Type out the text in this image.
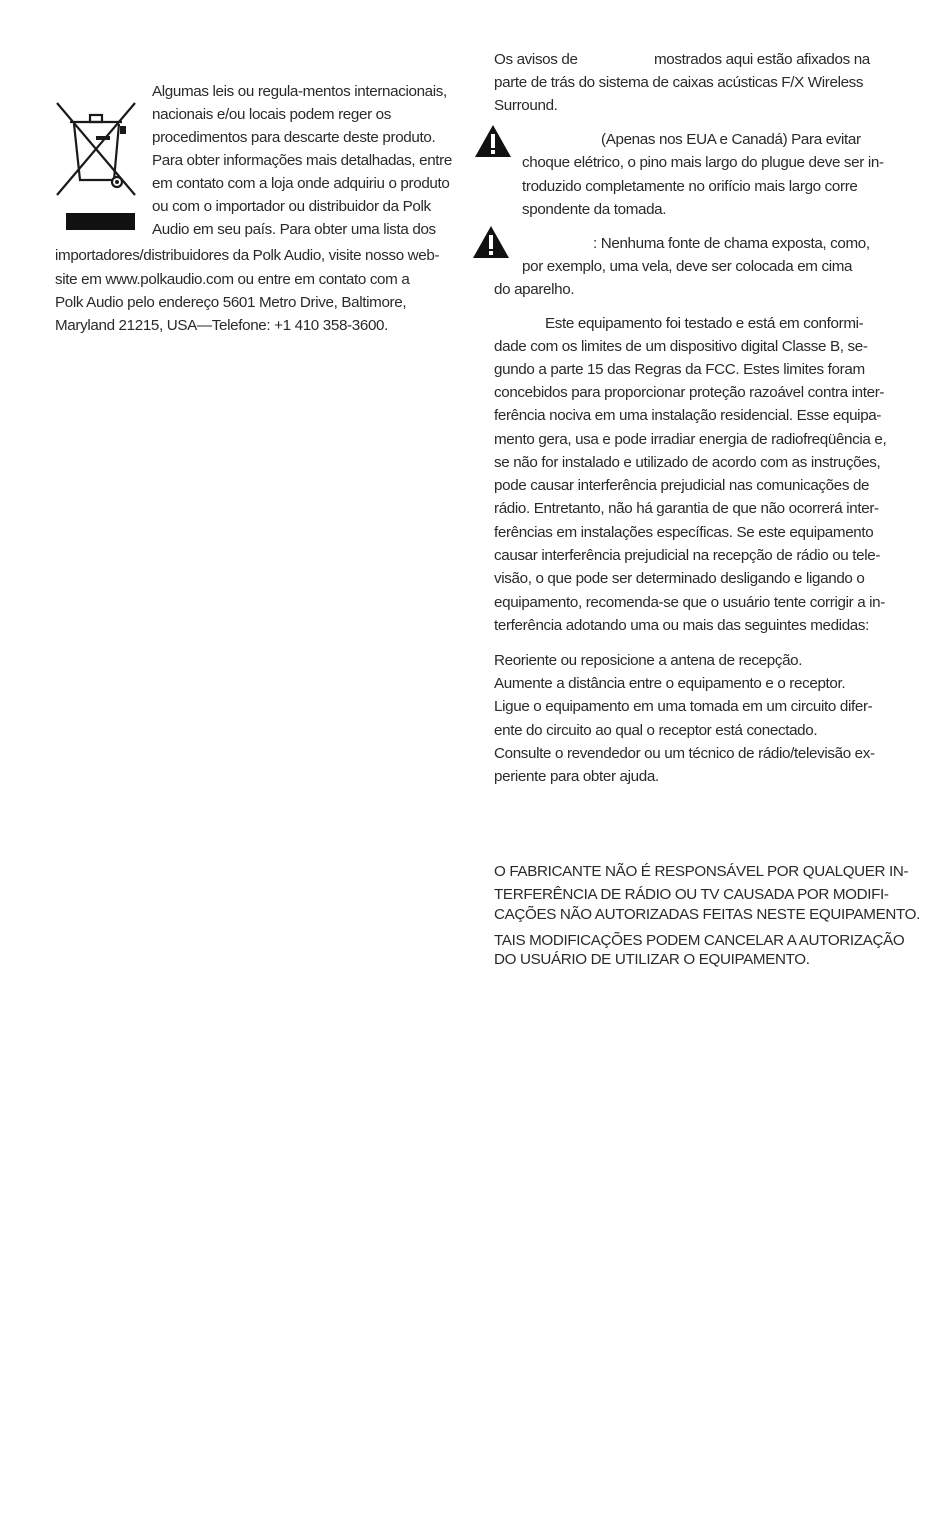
Algumas leis ou regula-mentos internacionais,
nacionais e/ou locais podem reger os
procedimentos para descarte deste produto.
Para obter informações mais detalhadas, entre
em contato com a loja onde adquiriu o produto
ou com o importador ou distribuidor da Polk
Audio em seu país. Para obter uma lista dos
importadores/distribuidores da Polk Audio, visite nosso web-
site em www.polkaudio.com ou entre em contato com a
Polk Audio pelo endereço 5601 Metro Drive, Baltimore,
Maryland 21215, USA—Telefone: +1 410 358-3600.
Os avisos de	mostrados aqui estão afixados na
parte de trás do sistema de caixas acústicas F/X Wireless
Surround.
(Apenas nos EUA e Canadá) Para evitar
choque elétrico, o pino mais largo do plugue deve ser in-
troduzido completamente no orifício mais largo corre
spondente da tomada.
: Nenhuma fonte de chama exposta, como,
por exemplo, uma vela, deve ser colocada em cima
do aparelho.
Este equipamento foi testado e está em conformi-
dade com os limites de um dispositivo digital Classe B, se-
gundo a parte 15 das Regras da FCC. Estes limites foram
concebidos para proporcionar proteção razoável contra inter-
ferência nociva em uma instalação residencial. Esse equipa-
mento gera, usa e pode irradiar energia de radiofreqüência e,
se não for instalado e utilizado de acordo com as instruções,
pode causar interferência prejudicial nas comunicações de
rádio. Entretanto, não há garantia de que não ocorrerá inter-
ferências em instalações específicas. Se este equipamento
causar interferência prejudicial na recepção de rádio ou tele-
visão, o que pode ser determinado desligando e ligando o
equipamento, recomenda-se que o usuário tente corrigir a in-
terferência adotando uma ou mais das seguintes medidas:
Reoriente ou reposicione a antena de recepção.
Aumente a distância entre o equipamento e o receptor.
Ligue o equipamento em uma tomada em um circuito difer-
ente do circuito ao qual o receptor está conectado.
Consulte o revendedor ou um técnico de rádio/televisão ex-
periente para obter ajuda.
O FABRICANTE NÃO É RESPONSÁVEL POR QUALQUER IN-
TERFERÊNCIA DE RÁDIO OU TV CAUSADA POR MODIFI-
CAÇÕES NÃO AUTORIZADAS FEITAS NESTE EQUIPAMENTO.
TAIS MODIFICAÇÕES PODEM CANCELAR A AUTORIZAÇÃO
DO USUÁRIO DE UTILIZAR O EQUIPAMENTO.
